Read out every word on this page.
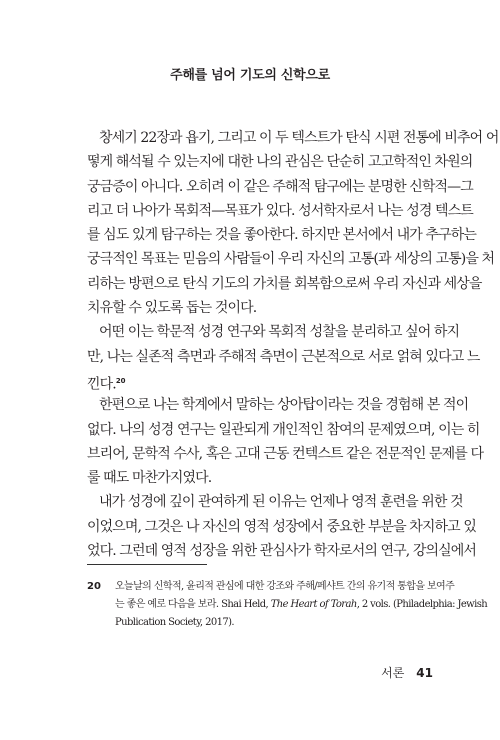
주해를 넘어 기도의 신학으로
창세기 22장과 욥기, 그리고 이 두 텍스트가 탄식 시편 전통에 비추어 어
떻게 해석될 수 있는지에 대한 나의 관심은 단순히 고고학적인 차원의
궁금증이 아니다. 오히려 이 같은 주해적 탐구에는 분명한 신학적—그
리고 더 나아가 목회적—목표가 있다. 성서학자로서 나는 성경 텍스트
를 심도 있게 탐구하는 것을 좋아한다. 하지만 본서에서 내가 추구하는
궁극적인 목표는 믿음의 사람들이 우리 자신의 고통(과 세상의 고통)을 처
리하는 방편으로 탄식 기도의 가치를 회복함으로써 우리 자신과 세상을
치유할 수 있도록 돕는 것이다.
어떤 이는 학문적 성경 연구와 목회적 성찰을 분리하고 싶어 하지
만, 나는 실존적 측면과 주해적 측면이 근본적으로 서로 얽혀 있다고 느
낀다.$^{20}$
한편으로 나는 학계에서 말하는 상아탑이라는 것을 경험해 본 적이
없다. 나의 성경 연구는 일관되게 개인적인 참여의 문제였으며, 이는 히
브리어, 문학적 수사, 혹은 고대 근동 컨텍스트 같은 전문적인 문제를 다
룰 때도 마찬가지였다.
내가 성경에 깊이 관여하게 된 이유는 언제나 영적 훈련을 위한 것
이었으며, 그것은 나 자신의 영적 성장에서 중요한 부분을 차지하고 있
었다. 그런데 영적 성장을 위한 관심사가 학자로서의 연구, 강의실에서
20 오늘날의 신학적, 윤리적 관심에 대한 강조와 주해/페샤트 간의 유기적 통합을 보여주
는 좋은 예로 다음을 보라. Shai Held, The Heart of Torah, 2 vols. (Philadelphia: Jewish
Publication Society, 2017).
서론 41
